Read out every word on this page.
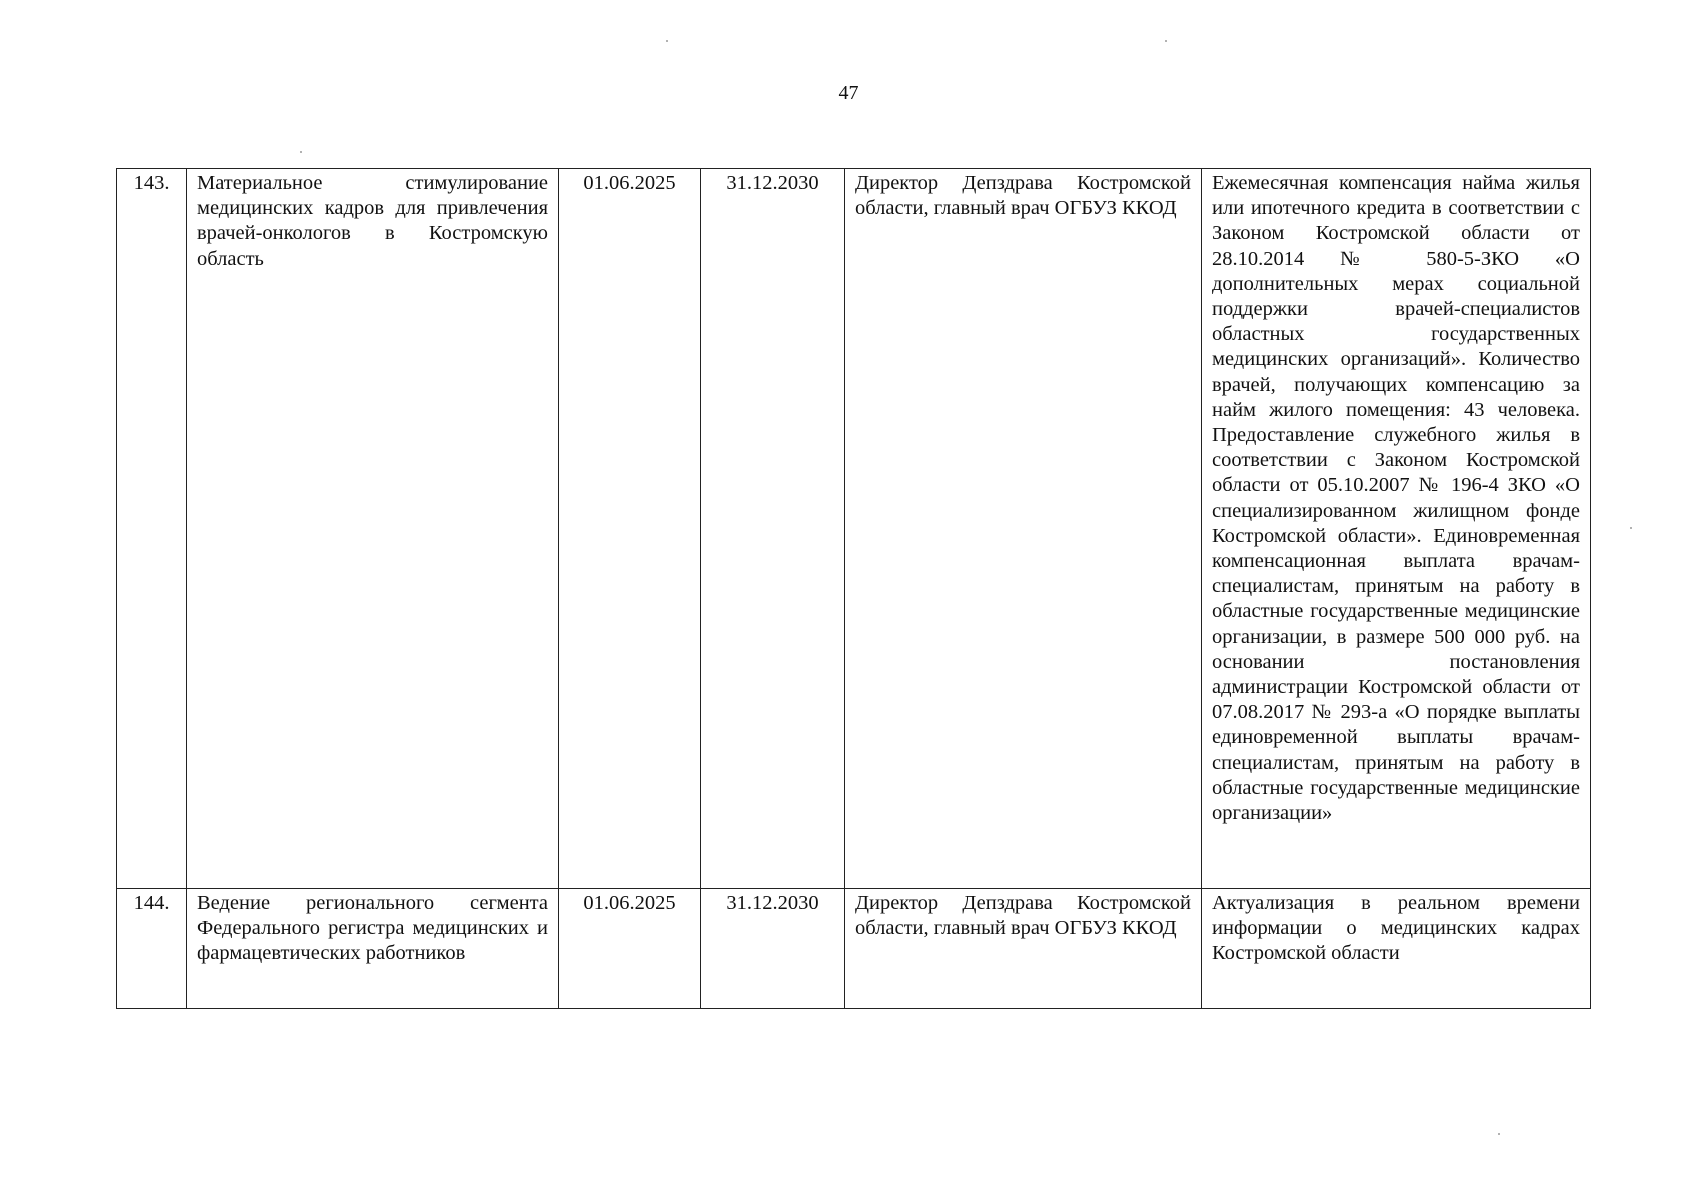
47
143.	Материальное стимулирование медицинских кадров для привлечения врачей-онкологов в Костромскую область	01.06.2025	31.12.2030	Директор Депздрава Костромской области, главный врач ОГБУЗ ККОД	Ежемесячная компенсация найма жилья или ипотечного кредита в соответствии с Законом Костромской области от 28.10.2014 № 580-5-ЗКО «О дополнительных мерах социальной поддержки врачей-специалистов областных государственных медицинских организаций». Количество врачей, получающих компенсацию за найм жилого помещения: 43 человека. Предоставление служебного жилья в соответствии с Законом Костромской области от 05.10.2007 № 196-4 ЗКО «О специализированном жилищном фонде Костромской области». Единовременная компенсационная выплата врачам-специалистам, принятым на работу в областные государственные медицинские организации, в размере 500 000 руб. на основании постановления администрации Костромской области от 07.08.2017 № 293-а «О порядке выплаты единовременной выплаты врачам-специалистам, принятым на работу в областные государственные медицинские организации»
144.	Ведение регионального сегмента Федерального регистра медицинских и фармацевтических работников	01.06.2025	31.12.2030	Директор Депздрава Костромской области, главный врач ОГБУЗ ККОД	Актуализация в реальном времени информации о медицинских кадрах Костромской области
